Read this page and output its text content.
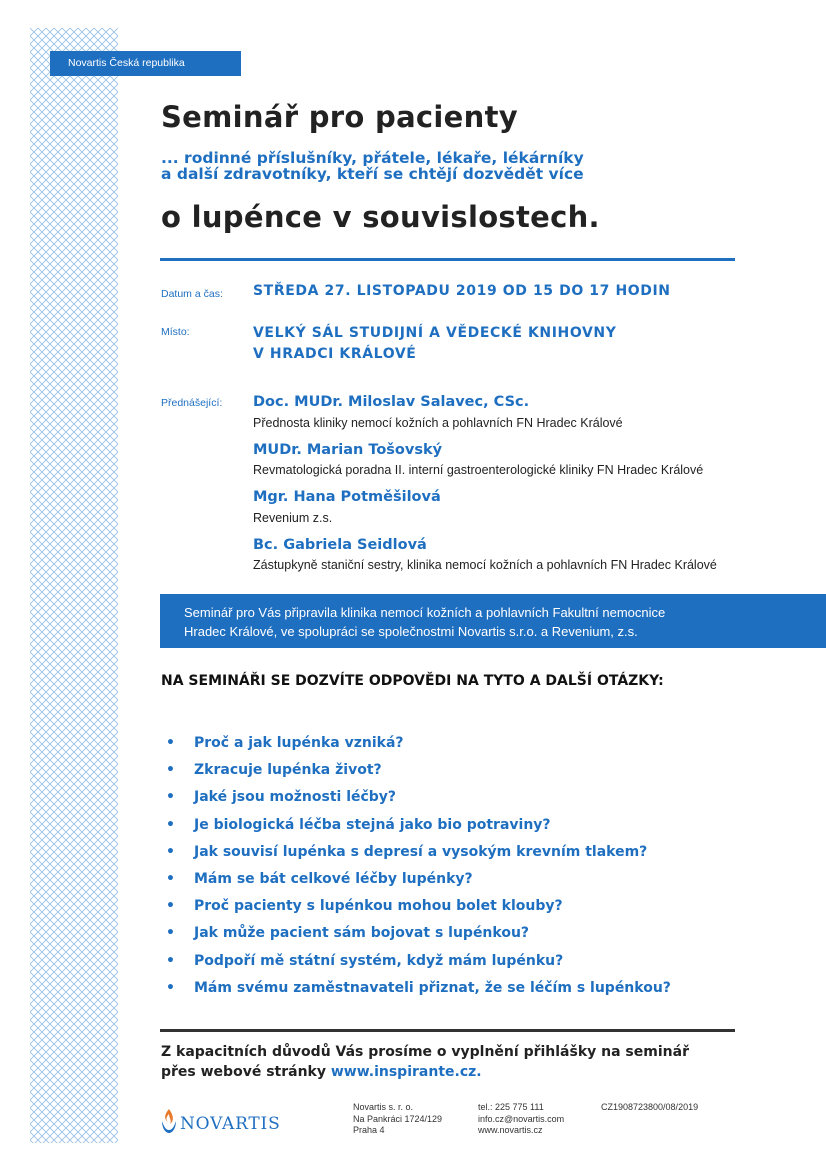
Novartis Česká republika
Seminář pro pacienty
... rodinné příslušníky, přátele, lékaře, lékárníky
a další zdravotníky, kteří se chtějí dozvědět více
o lupénce v souvislostech.
Datum a čas: STŘEDA 27. LISTOPADU 2019 OD 15 DO 17 HODIN
Místo:	VELKÝ SÁL STUDIJNÍ A VĚDECKÉ KNIHOVNY
V HRADCI KRÁLOVÉ
Přednášející: Doc. MUDr. Miloslav Salavec, CSc.
Přednosta kliniky nemocí kožních a pohlavních FN Hradec Králové
MUDr. Marian Tošovský
Revmatologická poradna II. interní gastroenterologické kliniky FN Hradec Králové
Mgr. Hana Potměšilová
Revenium z.s.
Bc. Gabriela Seidlová
Zástupkyně staniční sestry, klinika nemocí kožních a pohlavních FN Hradec Králové
Seminář pro Vás připravila klinika nemocí kožních a pohlavních Fakultní nemocnice
Hradec Králové, ve spolupráci se společnostmi Novartis s.r.o. a Revenium, z.s.
NA SEMINÁŘI SE DOZVÍTE ODPOVĚDI NA TYTO A DALŠÍ OTÁZKY:
• Proč a jak lupénka vzniká?
• Zkracuje lupénka život?
• Jaké jsou možnosti léčby?
• Je biologická léčba stejná jako bio potraviny?
• Jak souvisí lupénka s depresí a vysokým krevním tlakem?
• Mám se bát celkové léčby lupénky?
• Proč pacienty s lupénkou mohou bolet klouby?
• Jak může pacient sám bojovat s lupénkou?
• Podpoří mě státní systém, když mám lupénku?
• Mám svému zaměstnavateli přiznat, že se léčím s lupénkou?
Z kapacitních důvodů Vás prosíme o vyplnění přihlášky na seminář
přes webové stránky www.inspirante.cz.
NOVARTIS
Novartis s. r. o.
Na Pankráci 1724/129
Praha 4
tel.: 225 775 111
info.cz@novartis.com
www.novartis.cz
CZ1908723800/08/2019
